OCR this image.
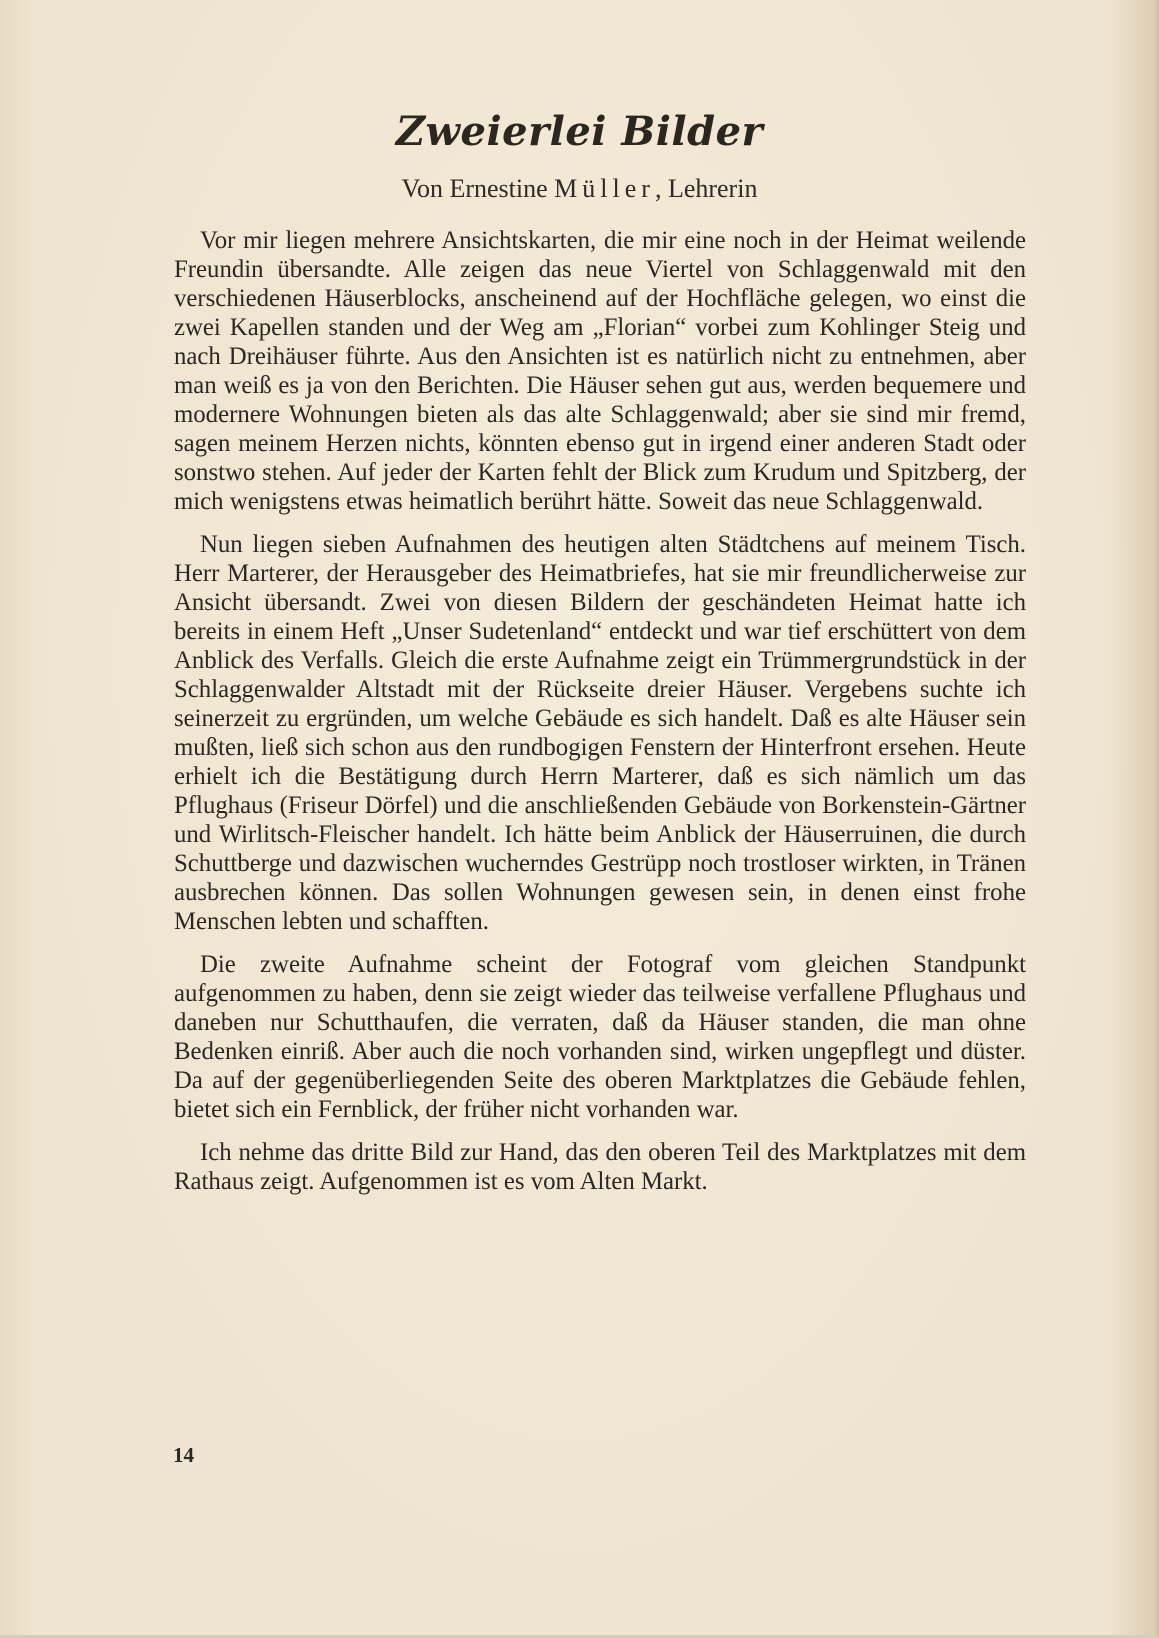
Zweierlei Bilder

Von Ernestine Müller, Lehrerin

Vor mir liegen mehrere Ansichtskarten, die mir eine noch in der Heimat weilende Freundin übersandte. Alle zeigen das neue Viertel von Schlaggenwald mit den verschiedenen Häuserblocks, anscheinend auf der Hochfläche gelegen, wo einst die zwei Kapellen standen und der Weg am „Florian“ vorbei zum Kohlinger Steig und nach Dreihäuser führte. Aus den Ansichten ist es natürlich nicht zu entnehmen, aber man weiß es ja von den Berichten. Die Häuser sehen gut aus, werden bequemere und modernere Wohnungen bieten als das alte Schlaggenwald; aber sie sind mir fremd, sagen meinem Herzen nichts, könnten ebenso gut in irgend einer anderen Stadt oder sonstwo stehen. Auf jeder der Karten fehlt der Blick zum Krudum und Spitzberg, der mich wenigstens etwas heimatlich berührt hätte. Soweit das neue Schlaggenwald.

Nun liegen sieben Aufnahmen des heutigen alten Städtchens auf meinem Tisch. Herr Marterer, der Herausgeber des Heimatbriefes, hat sie mir freundlicherweise zur Ansicht übersandt. Zwei von diesen Bildern der geschändeten Heimat hatte ich bereits in einem Heft „Unser Sudetenland“ entdeckt und war tief erschüttert von dem Anblick des Verfalls. Gleich die erste Aufnahme zeigt ein Trümmergrundstück in der Schlaggenwalder Altstadt mit der Rückseite dreier Häuser. Vergebens suchte ich seinerzeit zu ergründen, um welche Gebäude es sich handelt. Daß es alte Häuser sein mußten, ließ sich schon aus den rundbogigen Fenstern der Hinterfront ersehen. Heute erhielt ich die Bestätigung durch Herrn Marterer, daß es sich nämlich um das Pflughaus (Friseur Dörfel) und die anschließenden Gebäude von Borkenstein-Gärtner und Wirlitsch-Fleischer handelt. Ich hätte beim Anblick der Häuserruinen, die durch Schuttberge und dazwischen wucherndes Gestrüpp noch trostloser wirkten, in Tränen ausbrechen können. Das sollen Wohnungen gewesen sein, in denen einst frohe Menschen lebten und schafften.

Die zweite Aufnahme scheint der Fotograf vom gleichen Standpunkt aufgenommen zu haben, denn sie zeigt wieder das teilweise verfallene Pflughaus und daneben nur Schutthaufen, die verraten, daß da Häuser standen, die man ohne Bedenken einriß. Aber auch die noch vorhanden sind, wirken ungepflegt und düster. Da auf der gegenüberliegenden Seite des oberen Marktplatzes die Gebäude fehlen, bietet sich ein Fernblick, der früher nicht vorhanden war.

Ich nehme das dritte Bild zur Hand, das den oberen Teil des Marktplatzes mit dem Rathaus zeigt. Aufgenommen ist es vom Alten Markt.

14
